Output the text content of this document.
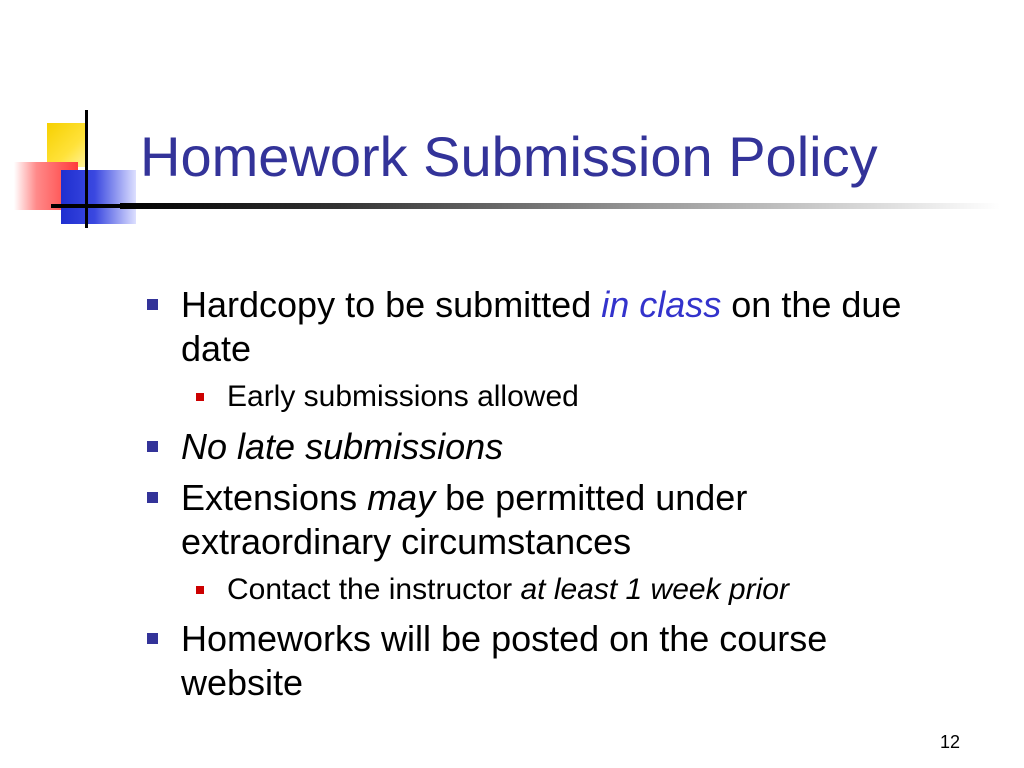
Homework Submission Policy
Hardcopy to be submitted in class on the due
date
Early submissions allowed
No late submissions
Extensions may be permitted under
extraordinary circumstances
Contact the instructor at least 1 week prior
Homeworks will be posted on the course
website
12
